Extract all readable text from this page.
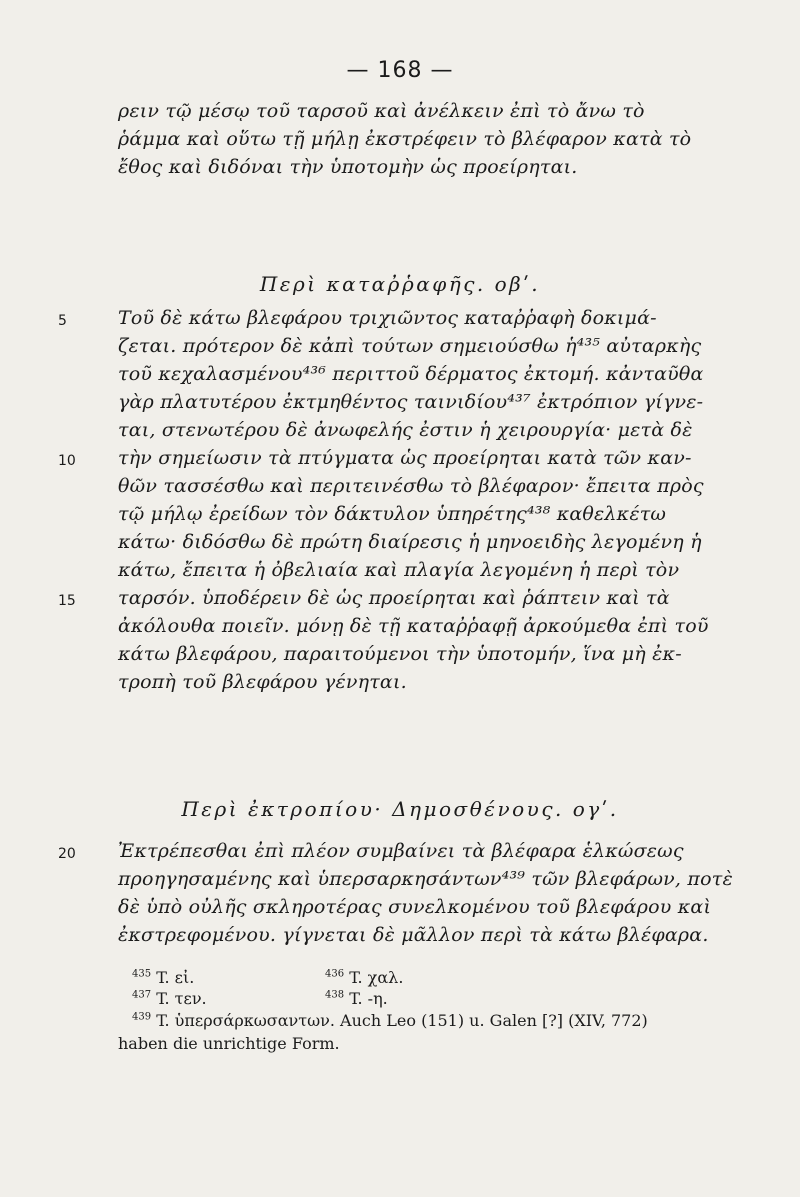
— 168 —
ρειν τῷ μέσῳ τοῦ ταρσοῦ καὶ ἀνέλκειν ἐπὶ τὸ ἄνω τὸ
ῥάμμα καὶ οὕτω τῇ μήλῃ ἐκστρέφειν τὸ βλέφαρον κατὰ τὸ
ἔθος καὶ διδόναι τὴν ὑποτομὴν ὡς προείρηται.
Περὶ καταῤῥαφῆς. οβʹ.
Τοῦ δὲ κάτω βλεφάρου τριχιῶντος καταῤῥαφὴ δοκιμά-
ζεται. πρότερον δὲ κἀπὶ τούτων σημειούσθω ἡ⁴³⁵ αὐταρκὴς
τοῦ κεχαλασμένου⁴³⁶ περιττοῦ δέρματος ἐκτομή. κἀνταῦθα
γὰρ πλατυτέρου ἐκτμηθέντος ταινιδίου⁴³⁷ ἐκτρόπιον γίγνε-
ται, στενωτέρου δὲ ἀνωφελής ἐστιν ἡ χειρουργία· μετὰ δὲ
τὴν σημείωσιν τὰ πτύγματα ὡς προείρηται κατὰ τῶν καν-
θῶν τασσέσθω καὶ περιτεινέσθω τὸ βλέφαρον· ἔπειτα πρὸς
τῷ μήλῳ ἐρείδων τὸν δάκτυλον ὑπηρέτης⁴³⁸ καθελκέτω
κάτω· διδόσθω δὲ πρώτη διαίρεσις ἡ μηνοειδὴς λεγομένη ἡ
κάτω, ἔπειτα ἡ ὀβελιαία καὶ πλαγία λεγομένη ἡ περὶ τὸν
ταρσόν. ὑποδέρειν δὲ ὡς προείρηται καὶ ῥάπτειν καὶ τὰ
ἀκόλουθα ποιεῖν. μόνῃ δὲ τῇ καταῤῥαφῇ ἀρκούμεθα ἐπὶ τοῦ
κάτω βλεφάρου, παραιτούμενοι τὴν ὑποτομήν, ἵνα μὴ ἐκ-
τροπὴ τοῦ βλεφάρου γένηται.
Περὶ ἐκτροπίου· Δημοσθένους. ογʹ.
Ἐκτρέπεσθαι ἐπὶ πλέον συμβαίνει τὰ βλέφαρα ἑλκώσεως
προηγησαμένης καὶ ὑπερσαρκησάντων⁴³⁹ τῶν βλεφάρων, ποτὲ
δὲ ὑπὸ οὐλῆς σκληροτέρας συνελκομένου τοῦ βλεφάρου καὶ
ἐκστρεφομένου. γίγνεται δὲ μᾶλλον περὶ τὰ κάτω βλέφαρα.
5
10
15
20
$^{435}$ T. εἰ.	$^{436}$ T. χαλ.
$^{437}$ T. τεν.	$^{438}$ T. -η.
$^{439}$ T. ὑπερσάρκωσαντων. Auch Leo (151) u. Galen [?] (XIV, 772)
haben die unrichtige Form.
